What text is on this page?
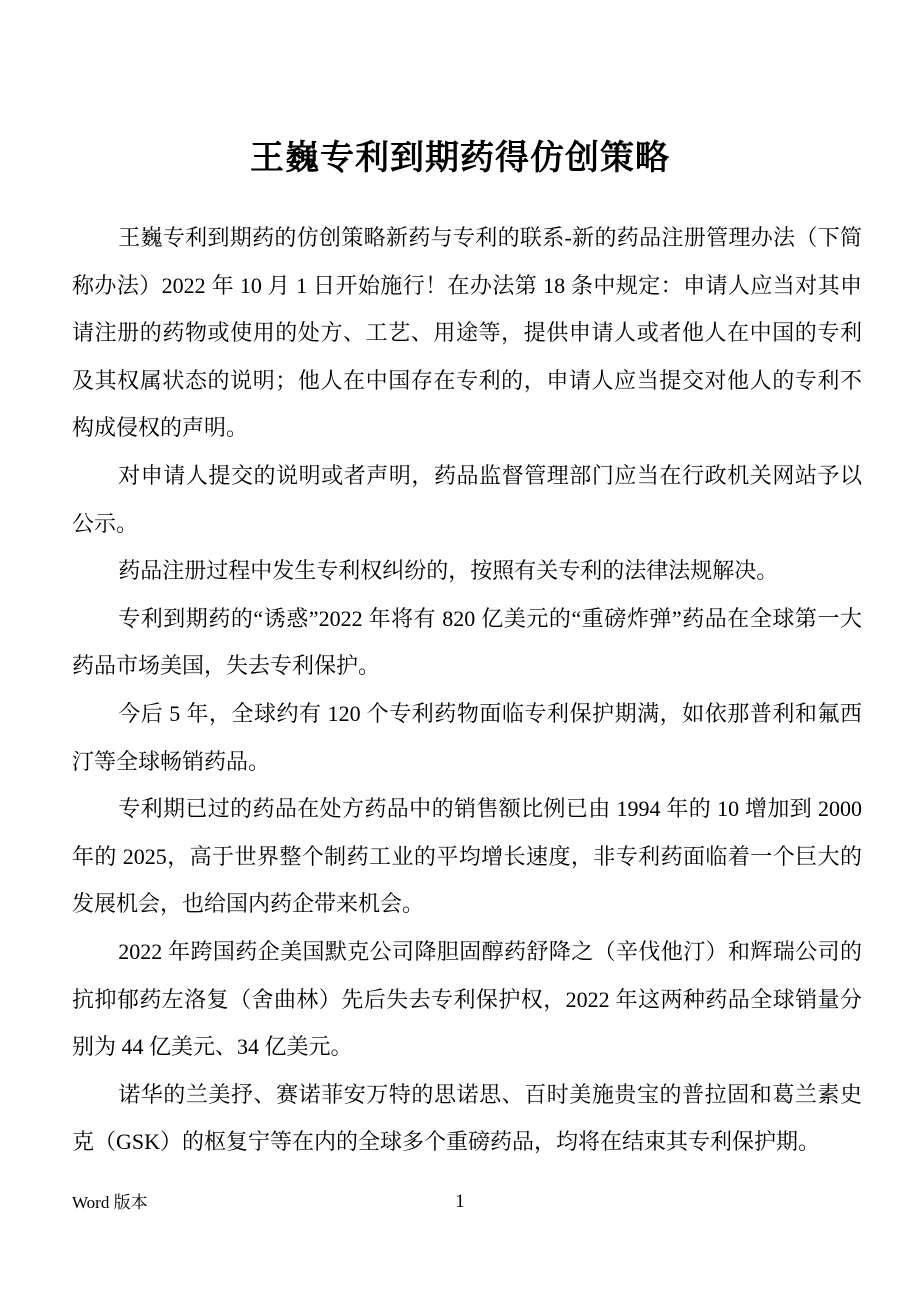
王巍专利到期药得仿创策略

王巍专利到期药的仿创策略新药与专利的联系-新的药品注册管理办法（下简称办法）2022 年 10 月 1 日开始施行！在办法第 18 条中规定：申请人应当对其申请注册的药物或使用的处方、工艺、用途等，提供申请人或者他人在中国的专利及其权属状态的说明；他人在中国存在专利的，申请人应当提交对他人的专利不构成侵权的声明。

对申请人提交的说明或者声明，药品监督管理部门应当在行政机关网站予以公示。

药品注册过程中发生专利权纠纷的，按照有关专利的法律法规解决。

专利到期药的“诱惑”2022 年将有 820 亿美元的“重磅炸弹”药品在全球第一大药品市场美国，失去专利保护。

今后 5 年，全球约有 120 个专利药物面临专利保护期满，如依那普利和氟西汀等全球畅销药品。

专利期已过的药品在处方药品中的销售额比例已由 1994 年的 10 增加到 2000 年的 2025，高于世界整个制药工业的平均增长速度，非专利药面临着一个巨大的发展机会，也给国内药企带来机会。

2022 年跨国药企美国默克公司降胆固醇药舒降之（辛伐他汀）和辉瑞公司的抗抑郁药左洛复（舍曲林）先后失去专利保护权，2022 年这两种药品全球销量分别为 44 亿美元、34 亿美元。

诺华的兰美抒、赛诺菲安万特的思诺思、百时美施贵宝的普拉固和葛兰素史克（GSK）的枢复宁等在内的全球多个重磅药品，均将在结束其专利保护期。

Word 版本	1
